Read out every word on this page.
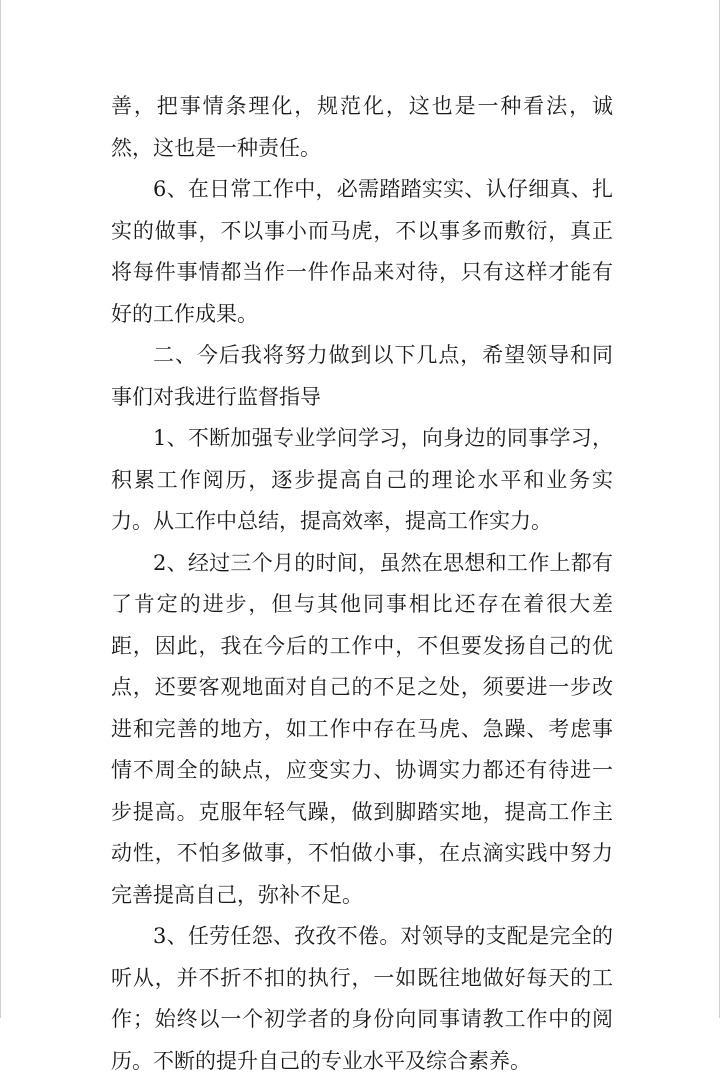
善，把事情条理化，规范化，这也是一种看法，诚然，这也是一种责任。

6、在日常工作中，必需踏踏实实、认仔细真、扎实的做事，不以事小而马虎，不以事多而敷衍，真正将每件事情都当作一件作品来对待，只有这样才能有好的工作成果。

二、今后我将努力做到以下几点，希望领导和同事们对我进行监督指导

1、不断加强专业学问学习，向身边的同事学习，积累工作阅历，逐步提高自己的理论水平和业务实力。从工作中总结，提高效率，提高工作实力。

2、经过三个月的时间，虽然在思想和工作上都有了肯定的进步，但与其他同事相比还存在着很大差距，因此，我在今后的工作中，不但要发扬自己的优点，还要客观地面对自己的不足之处，须要进一步改进和完善的地方，如工作中存在马虎、急躁、考虑事情不周全的缺点，应变实力、协调实力都还有待进一步提高。克服年轻气躁，做到脚踏实地，提高工作主动性，不怕多做事，不怕做小事，在点滴实践中努力完善提高自己，弥补不足。

3、任劳任怨、孜孜不倦。对领导的支配是完全的听从，并不折不扣的执行，一如既往地做好每天的工作；始终以一个初学者的身份向同事请教工作中的阅历。不断的提升自己的专业水平及综合素养。
